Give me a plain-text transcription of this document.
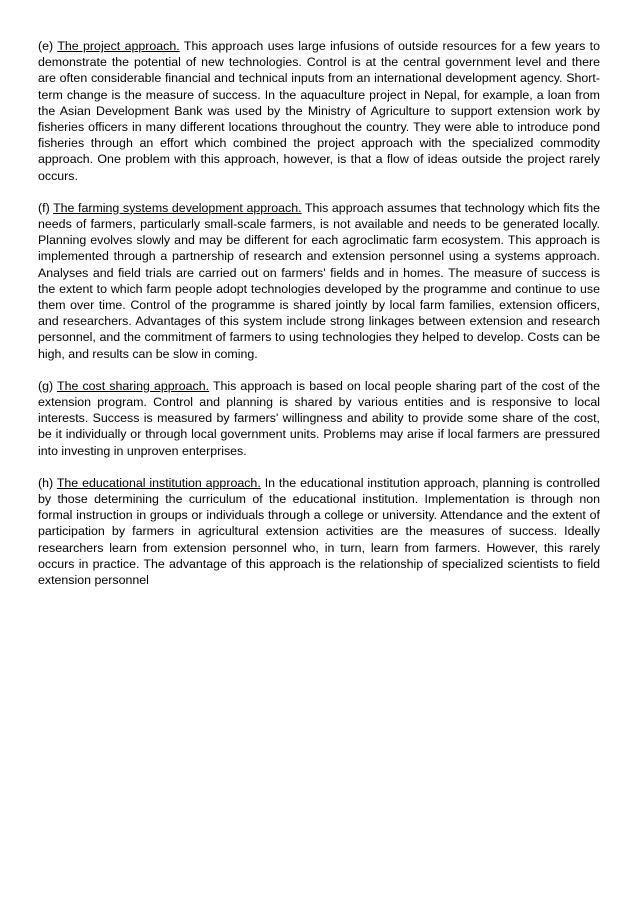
(e) The project approach. This approach uses large infusions of outside resources for a few years to demonstrate the potential of new technologies. Control is at the central government level and there are often considerable financial and technical inputs from an international development agency. Short-term change is the measure of success. In the aquaculture project in Nepal, for example, a loan from the Asian Development Bank was used by the Ministry of Agriculture to support extension work by fisheries officers in many different locations throughout the country. They were able to introduce pond fisheries through an effort which combined the project approach with the specialized commodity approach. One problem with this approach, however, is that a flow of ideas outside the project rarely occurs.

(f) The farming systems development approach. This approach assumes that technology which fits the needs of farmers, particularly small-scale farmers, is not available and needs to be generated locally. Planning evolves slowly and may be different for each agroclimatic farm ecosystem. This approach is implemented through a partnership of research and extension personnel using a systems approach. Analyses and field trials are carried out on farmers' fields and in homes. The measure of success is the extent to which farm people adopt technologies developed by the programme and continue to use them over time. Control of the programme is shared jointly by local farm families, extension officers, and researchers. Advantages of this system include strong linkages between extension and research personnel, and the commitment of farmers to using technologies they helped to develop. Costs can be high, and results can be slow in coming.

(g) The cost sharing approach. This approach is based on local people sharing part of the cost of the extension program. Control and planning is shared by various entities and is responsive to local interests. Success is measured by farmers' willingness and ability to provide some share of the cost, be it individually or through local government units. Problems may arise if local farmers are pressured into investing in unproven enterprises.

(h) The educational institution approach. In the educational institution approach, planning is controlled by those determining the curriculum of the educational institution. Implementation is through non formal instruction in groups or individuals through a college or university. Attendance and the extent of participation by farmers in agricultural extension activities are the measures of success. Ideally researchers learn from extension personnel who, in turn, learn from farmers. However, this rarely occurs in practice. The advantage of this approach is the relationship of specialized scientists to field extension personnel
